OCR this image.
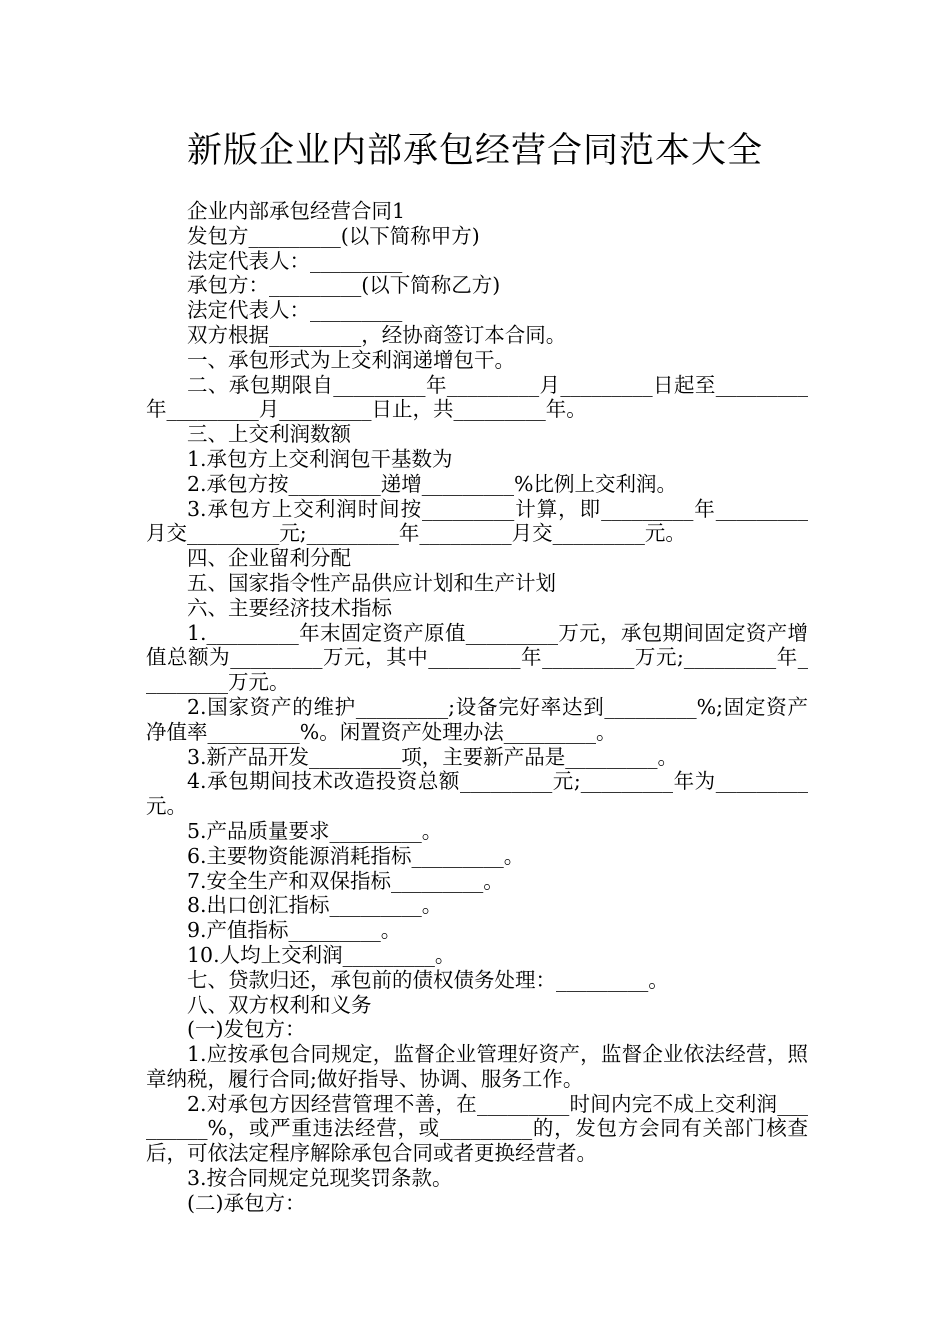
新版企业内部承包经营合同范本大全

企业内部承包经营合同1

发包方_________(以下简称甲方)

法定代表人：_________

承包方：_________(以下简称乙方)

法定代表人：_________

双方根据_________，经协商签订本合同。

一、承包形式为上交利润递增包干。

二、承包期限自_________年_________月_________日起至_________年_________月_________日止，共_________年。

三、上交利润数额

1.承包方上交利润包干基数为

2.承包方按_________递增_________%比例上交利润。

3.承包方上交利润时间按_________计算，即_________年_________月交_________元;_________年_________月交_________元。

四、企业留利分配

五、国家指令性产品供应计划和生产计划

六、主要经济技术指标

1._________年末固定资产原值_________万元，承包期间固定资产增值总额为_________万元，其中_________年_________万元;_________年_________万元。

2.国家资产的维护_________;设备完好率达到_________%;固定资产净值率_________%。闲置资产处理办法_________。

3.新产品开发_________项，主要新产品是_________。

4.承包期间技术改造投资总额_________元;_________年为_________元。

5.产品质量要求_________。

6.主要物资能源消耗指标_________。

7.安全生产和双保指标_________。

8.出口创汇指标_________。

9.产值指标_________。

10.人均上交利润_________。

七、贷款归还，承包前的债权债务处理：_________。

八、双方权利和义务

(一)发包方：

1.应按承包合同规定，监督企业管理好资产，监督企业依法经营，照章纳税，履行合同;做好指导、协调、服务工作。

2.对承包方因经营管理不善，在_________时间内完不成上交利润_________%，或严重违法经营，或_________的，发包方会同有关部门核查后，可依法定程序解除承包合同或者更换经营者。

3.按合同规定兑现奖罚条款。

(二)承包方：
